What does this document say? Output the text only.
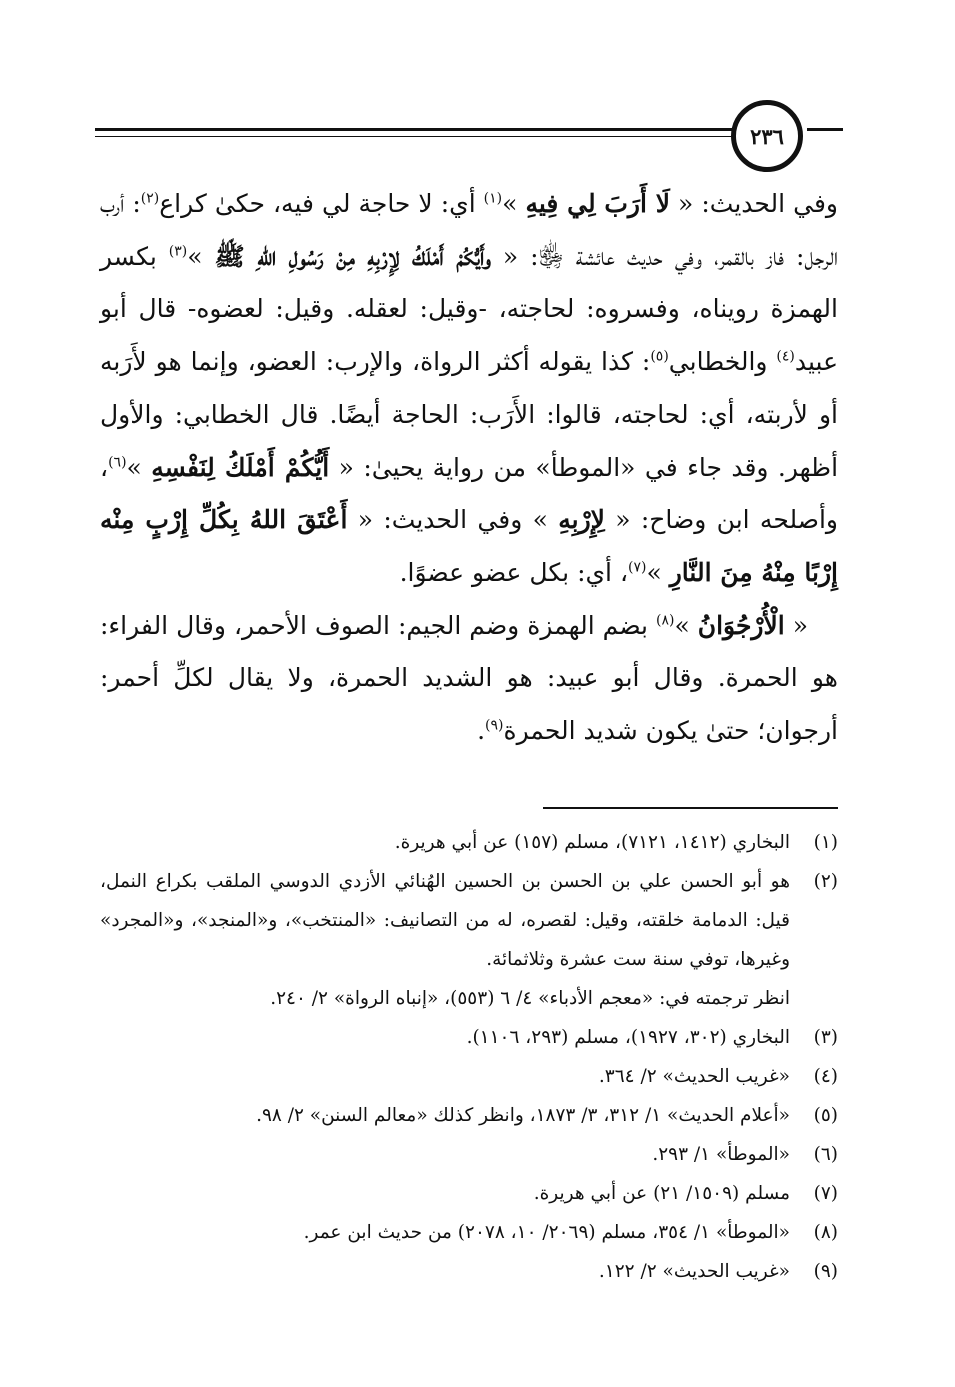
٢٣٦

وفي الحديث: « لَا أَرَبَ لِي فِيهِ »$^{(١)}$ أي: لا حاجة لي فيه، حكىٰ كراع$^{(٢)}$: أرب الرجل: فاز بالقمر، وفي حديث عائشة ﵂: « وأَيُّكُمْ أَمْلَكُ لِإِرْبِهِ مِنْ رَسُولِ اللهِ ﷺ »$^{(٣)}$ بكسر الهمزة رويناه، وفسروه: لحاجته، -وقيل: لعقله. وقيل: لعضوه- قال أبو عبيد$^{(٤)}$ والخطابي$^{(٥)}$: كذا يقوله أكثر الرواة، والإرب: العضو، وإنما هو لأَرَبه أو لأربته، أي: لحاجته، قالوا: الأَرَب: الحاجة أيضًا. قال الخطابي: والأول أظهر. وقد جاء في «الموطأ» من رواية يحيىٰ: « أَيُّكُمْ أَمْلَكُ لِنَفْسِهِ »$^{(٦)}$، وأصلحه ابن وضاح: « لِإِرْبِهِ » وفي الحديث: « أَعْتَقَ اللهُ بِكُلِّ إِرْبٍ مِنْه إِرْبًا مِنْهُ مِنَ النَّارِ »$^{(٧)}$، أي: بكل عضو عضوًا.

« الْأُرْجُوَانُ »$^{(٨)}$ بضم الهمزة وضم الجيم: الصوف الأحمر، وقال الفراء: هو الحمرة. وقال أبو عبيد: هو الشديد الحمرة، ولا يقال لكلِّ أحمر: أرجوان؛ حتىٰ يكون شديد الحمرة$^{(٩)}$.

(١)
البخاري (١٤١٢، ٧١٢١)، مسلم (١٥٧) عن أبي هريرة.
(٢)
هو أبو الحسن علي بن الحسن بن الحسين الهُنائي الأزدي الدوسي الملقب بكراع النمل، قيل: الدمامة خلقته، وقيل: لقصره، له من التصانيف: «المنتخب»، و«المنجد»، و«المجرد» وغيرها، توفي سنة ست عشرة وثلاثمائة.
انظر ترجمته في: «معجم الأدباء» ٤/ ٦ (٥٥٣)، «إنباه الرواة» ٢/ ٢٤٠.
(٣)
البخاري (٣٠٢، ١٩٢٧)، مسلم (٢٩٣، ١١٠٦).
(٤)
«غريب الحديث» ٢/ ٣٦٤.
(٥)
«أعلام الحديث» ١/ ٣١٢، ٣/ ١٨٧٣، وانظر كذلك «معالم السنن» ٢/ ٩٨.
(٦)
«الموطأ» ١/ ٢٩٣.
(٧)
مسلم (١٥٠٩/ ٢١) عن أبي هريرة.
(٨)
«الموطأ» ١/ ٣٥٤، مسلم (٢٠٦٩/ ١٠، ٢٠٧٨) من حديث ابن عمر.
(٩)
«غريب الحديث» ٢/ ١٢٢.
